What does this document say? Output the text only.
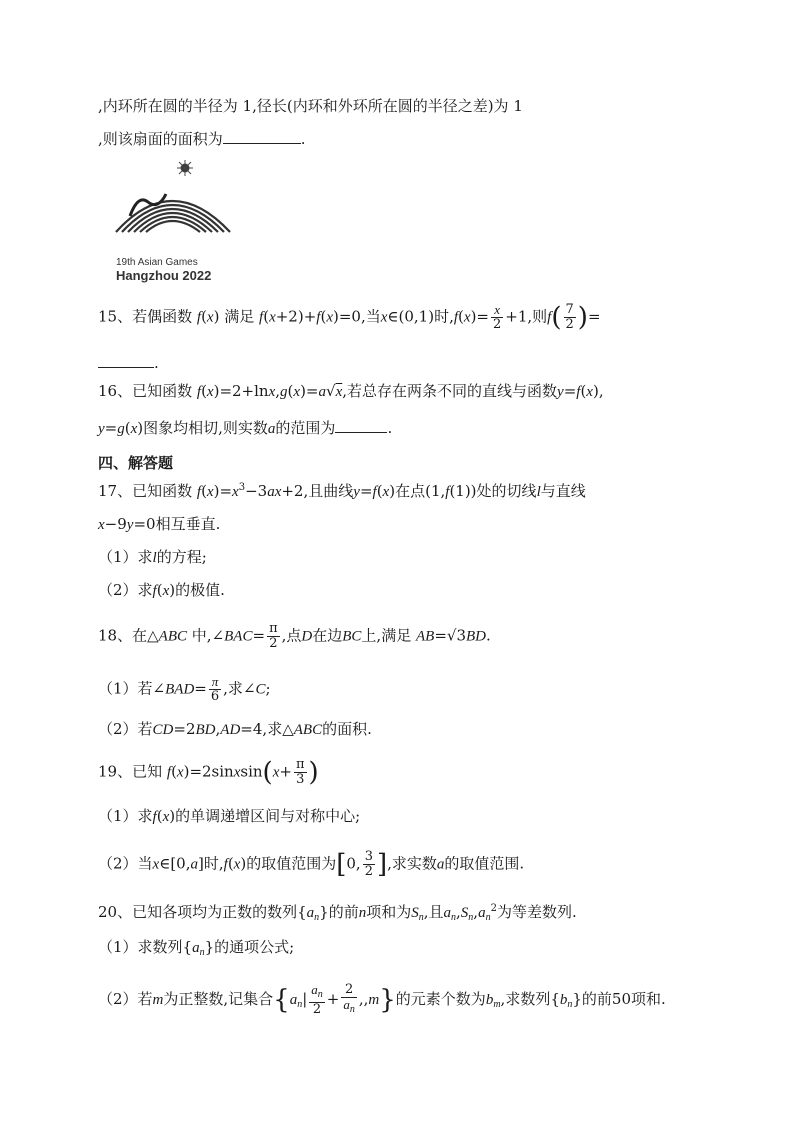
,内环所在圆的半径为 1,径长(内环和外环所在圆的半径之差)为 1
,则该扇面的面积为	.
19th Asian Games
Hangzhou 2022
15、若偶函数 f(x) 满足 f(x+2)+f(x)=0,当x∈(0,1)时$,f(x)= \frac{x}{2} +1$,则$f( \frac{7}{2}$ )=
.
16、已知函数 f(x)=2+lnx,g(x)=a√x,若总存在两条不同的直线与函数y=f(x),
y=g(x)图象均相切,则实数a的范围为	.
四、解答题
17、已知函数 $f(x)=x^3-3ax+2$,且曲线y=f(x)在点(1,f(1))处的切线l与直线
x−9y=0相互垂直.
（1）求l的方程;
（2）求f(x)的极值.
18、在△ABC 中,∠BAC= $\frac{\pi}{2}$ ,点D在边BC上,满足 AB=√3BD.
（1）若∠BAD= $\frac{\pi}{6}$ ,求∠C;
（2）若CD=2BD,AD=4,求△ABC的面积.
19、已知 f(x)=2sinxsin(x+ $\frac{\pi}{3}$ )
（1）求f(x)的单调递增区间与对称中心;
（2）当x∈[0,a]时,f(x)的取值范围为[0, $\frac{3}{2}$ ],求实数a的取值范围.
20、已知各项均为正数的数列$\{a_n\}$的前n项和为$S_n$,且$a_n,S_n,a_n^2$为等差数列.
（1）求数列$\{a_n\}$的通项公式;
（2）若m为正整数,记集合$\{a_n| \frac{a_n}{2} + \frac{2}{a_n} ,,m\}$的元素个数为$b_m$,求数列$\{b_n\}$的前50项和.
